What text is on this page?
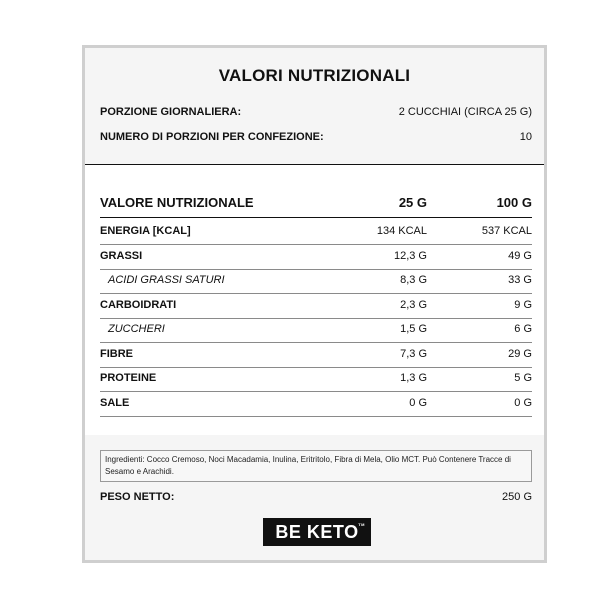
VALORI NUTRIZIONALI
PORZIONE GIORNALIERA:	2 CUCCHIAI (CIRCA 25 G)
NUMERO DI PORZIONI PER CONFEZIONE:	10
VALORE NUTRIZIONALE	25 G	100 G
ENERGIA [KCAL]	134 KCAL	537 KCAL
GRASSI	12,3 G	49 G
ACIDI GRASSI SATURI	8,3 G	33 G
CARBOIDRATI	2,3 G	9 G
ZUCCHERI	1,5 G	6 G
FIBRE	7,3 G	29 G
PROTEINE	1,3 G	5 G
SALE	0 G	0 G
Ingredienti: Cocco Cremoso, Noci Macadamia, Inulina, Eritritolo, Fibra di Mela, Olio MCT. Può Contenere Tracce di Sesamo e Arachidi.
PESO NETTO:	250 G
BE KETO TM
